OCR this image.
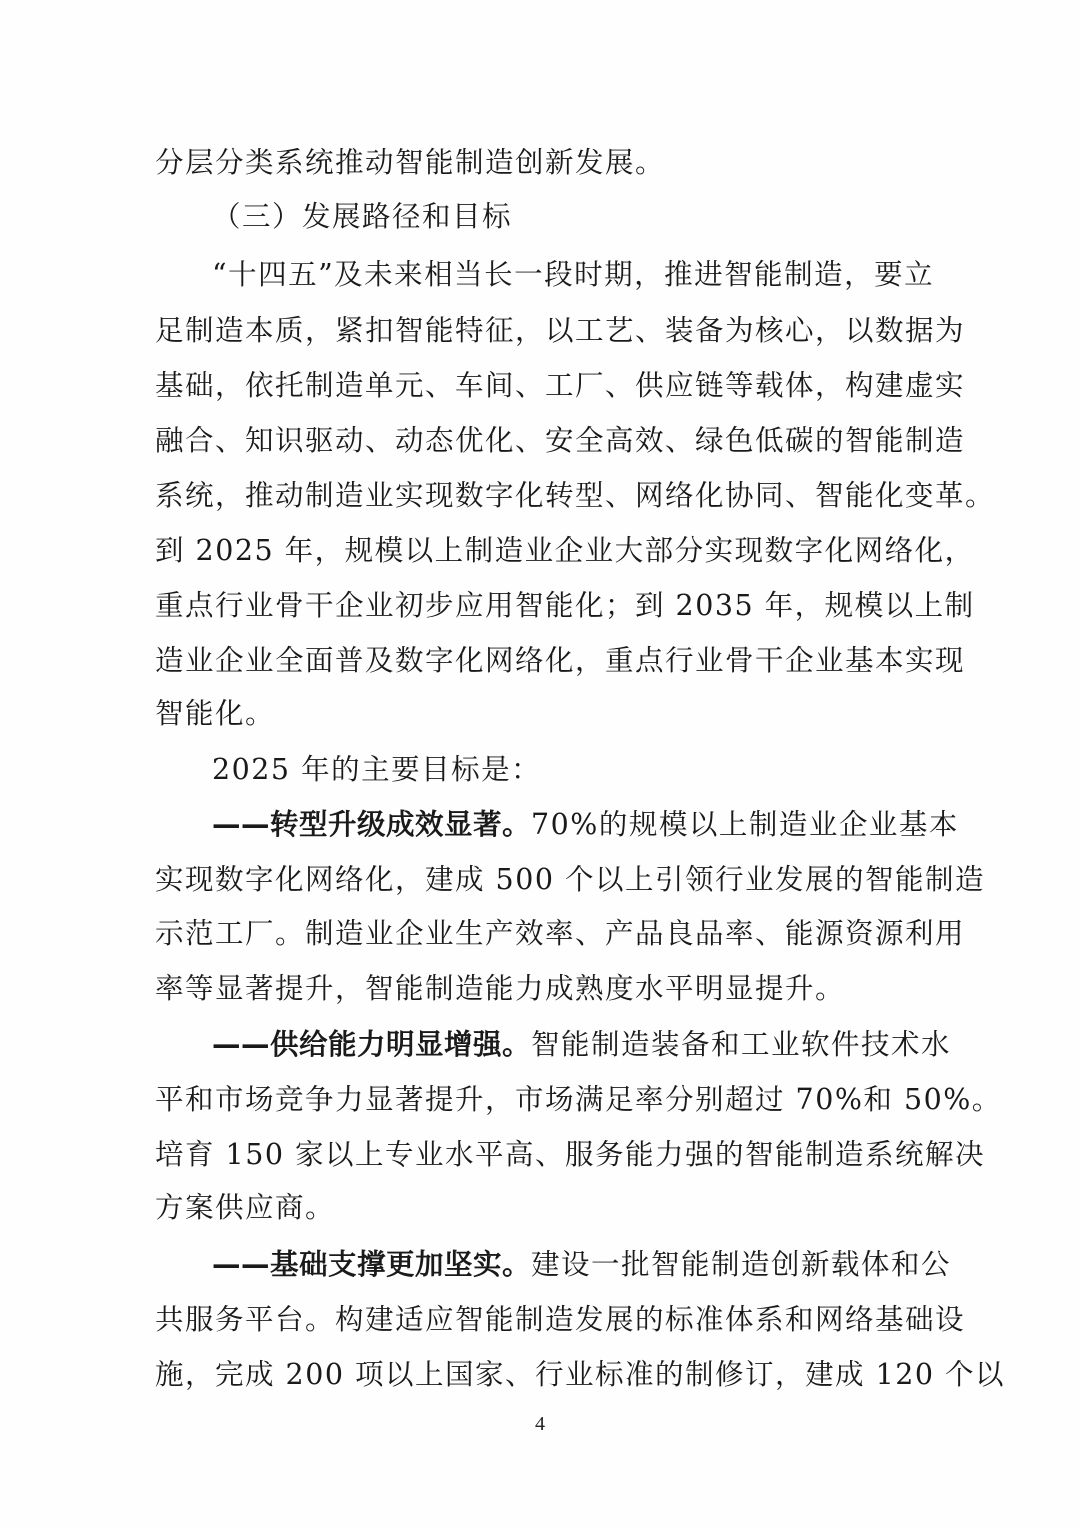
分层分类系统推动智能制造创新发展。
（三）发展路径和目标
“十四五”及未来相当长一段时期，推进智能制造，要立
足制造本质，紧扣智能特征，以工艺、装备为核心，以数据为
基础，依托制造单元、车间、工厂、供应链等载体，构建虚实
融合、知识驱动、动态优化、安全高效、绿色低碳的智能制造
系统，推动制造业实现数字化转型、网络化协同、智能化变革。
到 2025 年，规模以上制造业企业大部分实现数字化网络化，
重点行业骨干企业初步应用智能化；到 2035 年，规模以上制
造业企业全面普及数字化网络化，重点行业骨干企业基本实现
智能化。
2025 年的主要目标是：
——转型升级成效显著。70%的规模以上制造业企业基本
实现数字化网络化，建成 500 个以上引领行业发展的智能制造
示范工厂。制造业企业生产效率、产品良品率、能源资源利用
率等显著提升，智能制造能力成熟度水平明显提升。
——供给能力明显增强。智能制造装备和工业软件技术水
平和市场竞争力显著提升，市场满足率分别超过 70%和 50%。
培育 150 家以上专业水平高、服务能力强的智能制造系统解决
方案供应商。
——基础支撑更加坚实。建设一批智能制造创新载体和公
共服务平台。构建适应智能制造发展的标准体系和网络基础设
施，完成 200 项以上国家、行业标准的制修订，建成 120 个以
4
